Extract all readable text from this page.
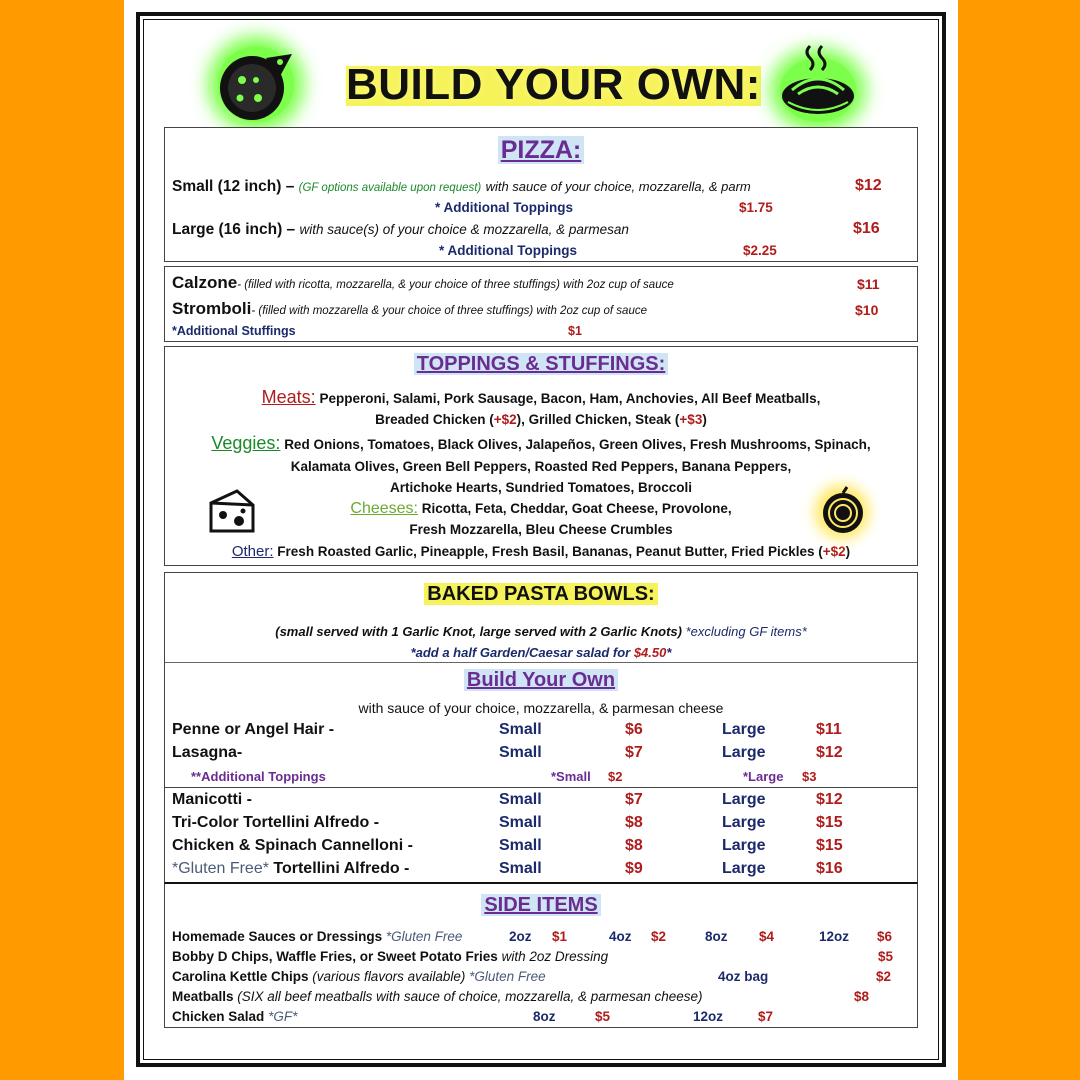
BUILD YOUR OWN:
PIZZA:
Small (12 inch) – (GF options available upon request) with sauce of your choice, mozzarella, & parm	$12
* Additional Toppings	$1.75
Large (16 inch) – with sauce(s) of your choice & mozzarella, & parmesan	$16
* Additional Toppings	$2.25
Calzone- (filled with ricotta, mozzarella, & your choice of three stuffings) with 2oz cup of sauce	$11
Stromboli- (filled with mozzarella & your choice of three stuffings) with 2oz cup of sauce	$10
*Additional Stuffings	$1
TOPPINGS & STUFFINGS:
Meats: Pepperoni, Salami, Pork Sausage, Bacon, Ham, Anchovies, All Beef Meatballs,
Breaded Chicken (+$2), Grilled Chicken, Steak (+$3)
Veggies: Red Onions, Tomatoes, Black Olives, Jalapeños, Green Olives, Fresh Mushrooms, Spinach,
Kalamata Olives, Green Bell Peppers, Roasted Red Peppers, Banana Peppers,
Artichoke Hearts, Sundried Tomatoes, Broccoli
Cheeses: Ricotta, Feta, Cheddar, Goat Cheese, Provolone,
Fresh Mozzarella, Bleu Cheese Crumbles
Other: Fresh Roasted Garlic, Pineapple, Fresh Basil, Bananas, Peanut Butter, Fried Pickles (+$2)
BAKED PASTA BOWLS:
(small served with 1 Garlic Knot, large served with 2 Garlic Knots) *excluding GF items*
*add a half Garden/Caesar salad for $4.50*
Build Your Own
with sauce of your choice, mozzarella, & parmesan cheese
Penne or Angel Hair -	Small	$6	Large	$11
Lasagna-	Small	$7	Large	$12
**Additional Toppings	*Small $2	*Large $3
Manicotti -	Small	$7	Large	$12
Tri-Color Tortellini Alfredo -	Small	$8	Large	$15
Chicken & Spinach Cannelloni -	Small	$8	Large	$15
*Gluten Free* Tortellini Alfredo -	Small	$9	Large	$16
SIDE ITEMS
Homemade Sauces or Dressings *Gluten Free	2oz $1	4oz $2	8oz $4	12oz $6
Bobby D Chips, Waffle Fries, or Sweet Potato Fries with 2oz Dressing	$5
Carolina Kettle Chips (various flavors available) *Gluten Free	4oz bag	$2
Meatballs (SIX all beef meatballs with sauce of choice, mozzarella, & parmesan cheese)	$8
Chicken Salad *GF*	8oz	$5	12oz	$7
